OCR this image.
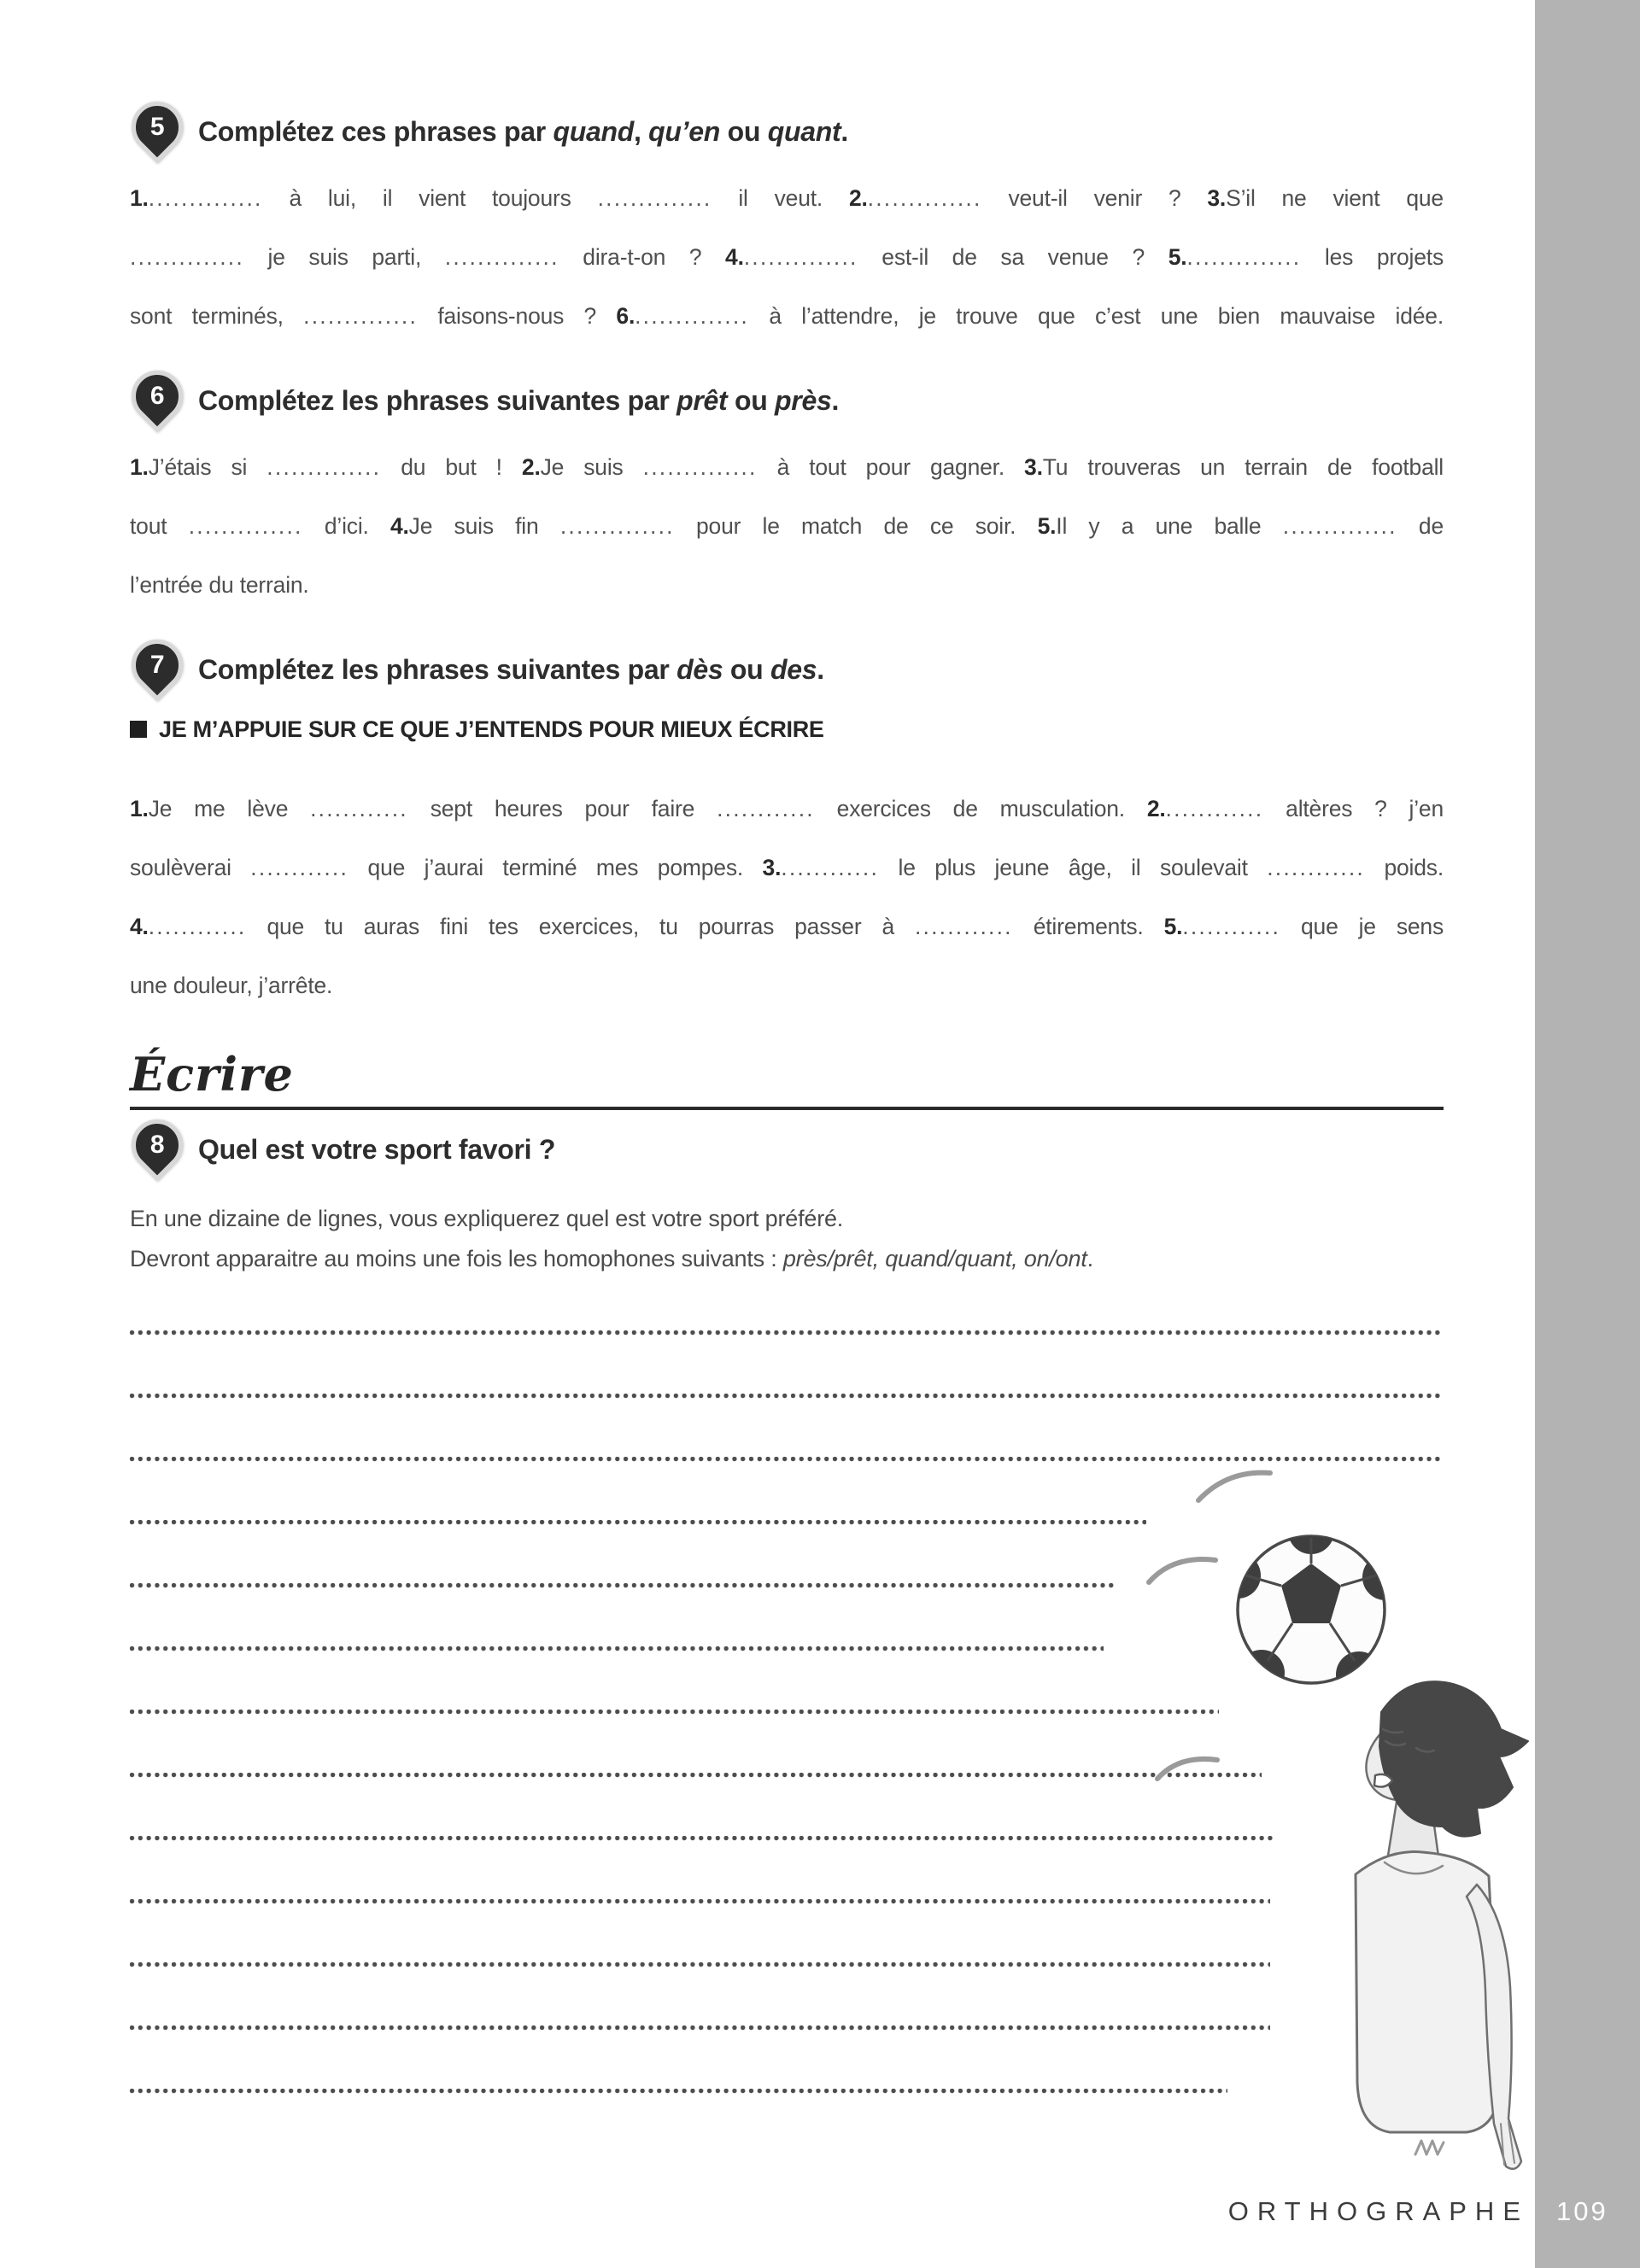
5 Complétez ces phrases par quand, qu’en ou quant.
1............... à lui, il vient toujours .............. il veut. 2............... veut-il venir ? 3.S’il ne vient que
.............. je suis parti, .............. dira-t-on ? 4............... est-il de sa venue ? 5............... les projets
sont terminés, .............. faisons-nous ? 6............... à l’attendre, je trouve que c’est une bien mauvaise idée.
6 Complétez les phrases suivantes par prêt ou près.
1.J’étais si .............. du but ! 2.Je suis .............. à tout pour gagner. 3.Tu trouveras un terrain de football
tout .............. d’ici. 4.Je suis fin .............. pour le match de ce soir. 5.Il y a une balle .............. de
l’entrée du terrain.
7 Complétez les phrases suivantes par dès ou des.
JE M’APPUIE SUR CE QUE J’ENTENDS POUR MIEUX ÉCRIRE
1.Je me lève ............ sept heures pour faire ............ exercices de musculation. 2............. altères ? j’en
soulèverai ............ que j’aurai terminé mes pompes. 3............. le plus jeune âge, il soulevait ............ poids.
4............. que tu auras fini tes exercices, tu pourras passer à ............ étirements. 5............. que je sens
une douleur, j’arrête.
Écrire
8 Quel est votre sport favori ?
En une dizaine de lignes, vous expliquerez quel est votre sport préféré.
Devront apparaitre au moins une fois les homophones suivants : près/prêt, quand/quant, on/ont.
ORTHOGRAPHE 109
